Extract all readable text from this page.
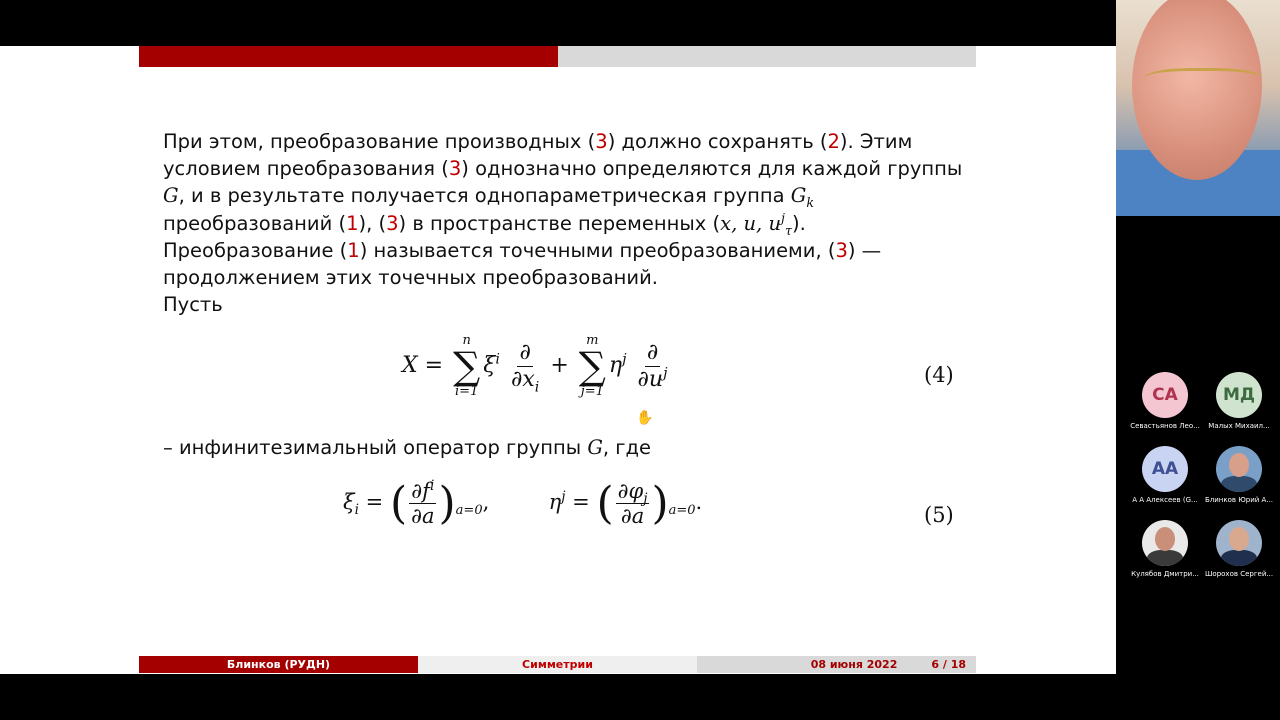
При этом, преобразование производных (3) должно сохранять (2). Этим
условием преобразования (3) однозначно определяются для каждой группы
G, и в результате получается однопараметрическая группа $G_k$
преобразований (1), (3) в пространстве переменных (x, u, $u^j_\tau$).
Преобразование (1) называется точечными преобразованиеми, (3) —
продолжением этих точечных преобразований.
Пусть
X =
n
∑
i=1
$\xi^i \frac{\partial}{\partial x_i}$ +
m
∑
j=1
$\eta^j \frac{\partial}{\partial u^j}$	(4)
✋
– инфинитезимальный оператор группы G, где
$\xi_i$ = ( $\frac{\partial f^i}{\partial a} )_{a=0}$,	$\eta^j$ = ( $\frac{\partial\varphi_j}{\partial a} )_{a=0}$.
(5)
Блинков (РУДН)	Симметрии	08 июня 2022	6 / 18
СА
Севастьянов Лео...
МД
Малых Михаил...
АА
А А Алексеев (G...	Блинков Юрий А...
Кулябов Дмитри... Шорохов Сергей...
